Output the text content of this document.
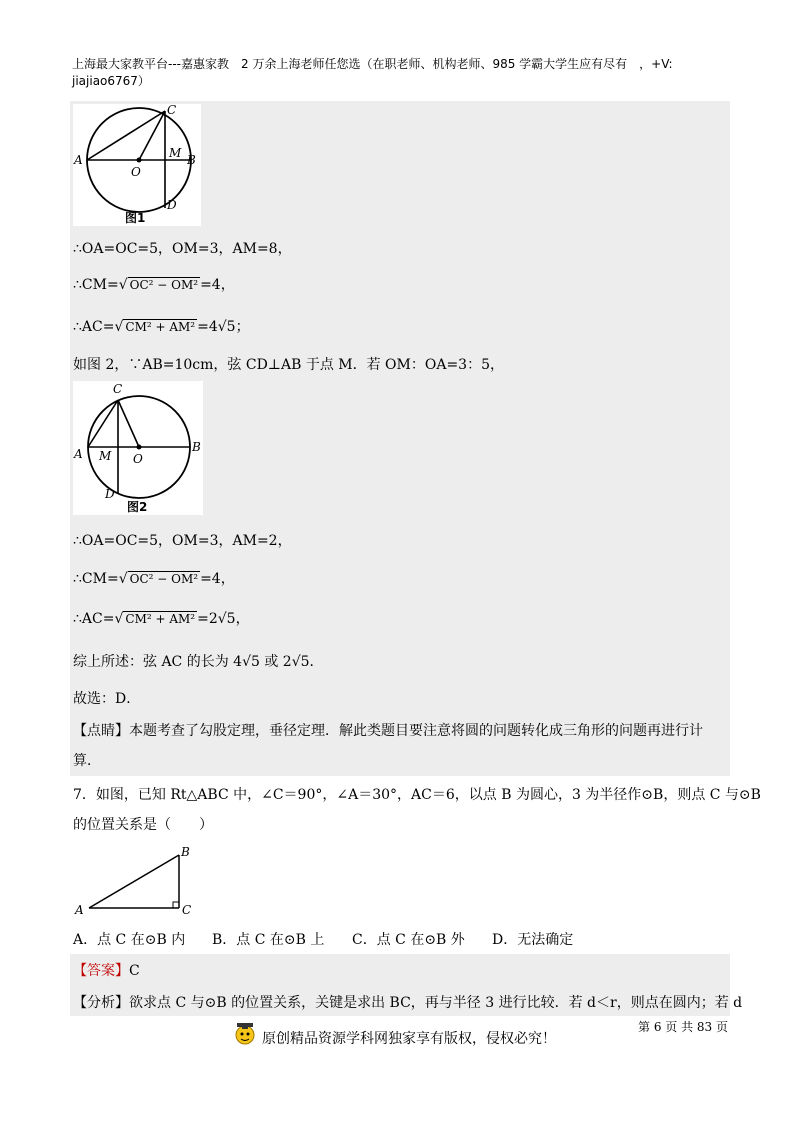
上海最大家教平台---嘉惠家教　2 万余上海老师任您选（在职老师、机构老师、985 学霸大学生应有尽有　，+V: jiajiao6767）
A	B
C
D
O
M
图1
∴OA=OC=5，OM=3，AM=8，
∴CM=√ OC² − OM² =4，
∴AC=√ CM² + AM² =4√5；
如图 2，∵AB=10cm，弦 CD⊥AB 于点 M．若 OM：OA=3：5，
A	B
C
D
O
M
图2
∴OA=OC=5，OM=3，AM=2，
∴CM=√ OC² − OM² =4，
∴AC=√ CM² + AM² =2√5，
综上所述：弦 AC 的长为 4√5 或 2√5．
故选：D．
【点睛】本题考查了勾股定理，垂径定理．解此类题目要注意将圆的问题转化成三角形的问题再进行计
算．
7．如图，已知 Rt△ABC 中，∠C＝90°，∠A＝30°，AC＝6，以点 B 为圆心，3 为半径作⊙B，则点 C 与⊙B
的位置关系是（　　）
A
B
C
A．点 C 在⊙B 内 B．点 C 在⊙B 上 C．点 C 在⊙B 外 D．无法确定
【答案】C
【分析】欲求点 C 与⊙B 的位置关系，关键是求出 BC，再与半径 3 进行比较．若 d＜r，则点在圆内；若 d
第 6 页 共 83 页
原创精品资源学科网独家享有版权，侵权必究！
